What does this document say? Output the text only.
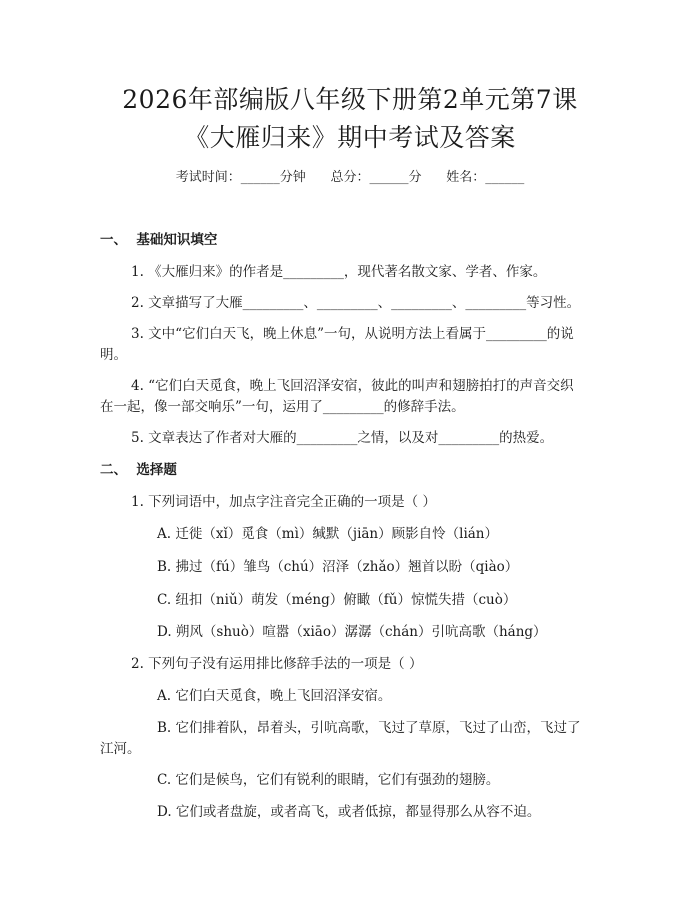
2026年部编版八年级下册第2单元第7课
《大雁归来》期中考试及答案
考试时间：______分钟      总分：______分      姓名：______
一、  基础知识填空
1. 《大雁归来》的作者是_________，现代著名散文家、学者、作家。
2. 文章描写了大雁_________、_________、_________、_________等习性。
3. 文中“它们白天飞，晚上休息”一句，从说明方法上看属于_________的说
明。
4. “它们白天觅食，晚上飞回沼泽安宿，彼此的叫声和翅膀拍打的声音交织
在一起，像一部交响乐”一句，运用了_________的修辞手法。
5. 文章表达了作者对大雁的_________之情，以及对_________的热爱。
二、  选择题
1. 下列词语中，加点字注音完全正确的一项是（ ）
A. 迁徙（xǐ）觅食（mì）缄默（jiān）顾影自怜（lián）
B. 拂过（fú）雏鸟（chú）沼泽（zhǎo）翘首以盼（qiào）
C. 纽扣（niǔ）萌发（méng）俯瞰（fǔ）惊慌失措（cuò）
D. 朔风（shuò）喧嚣（xiāo）潺潺（chán）引吭高歌（háng）
2. 下列句子没有运用排比修辞手法的一项是（ ）
A. 它们白天觅食，晚上飞回沼泽安宿。
B. 它们排着队，昂着头，引吭高歌，飞过了草原，飞过了山峦，飞过了
江河。
C. 它们是候鸟，它们有锐利的眼睛，它们有强劲的翅膀。
D. 它们或者盘旋，或者高飞，或者低掠，都显得那么从容不迫。
